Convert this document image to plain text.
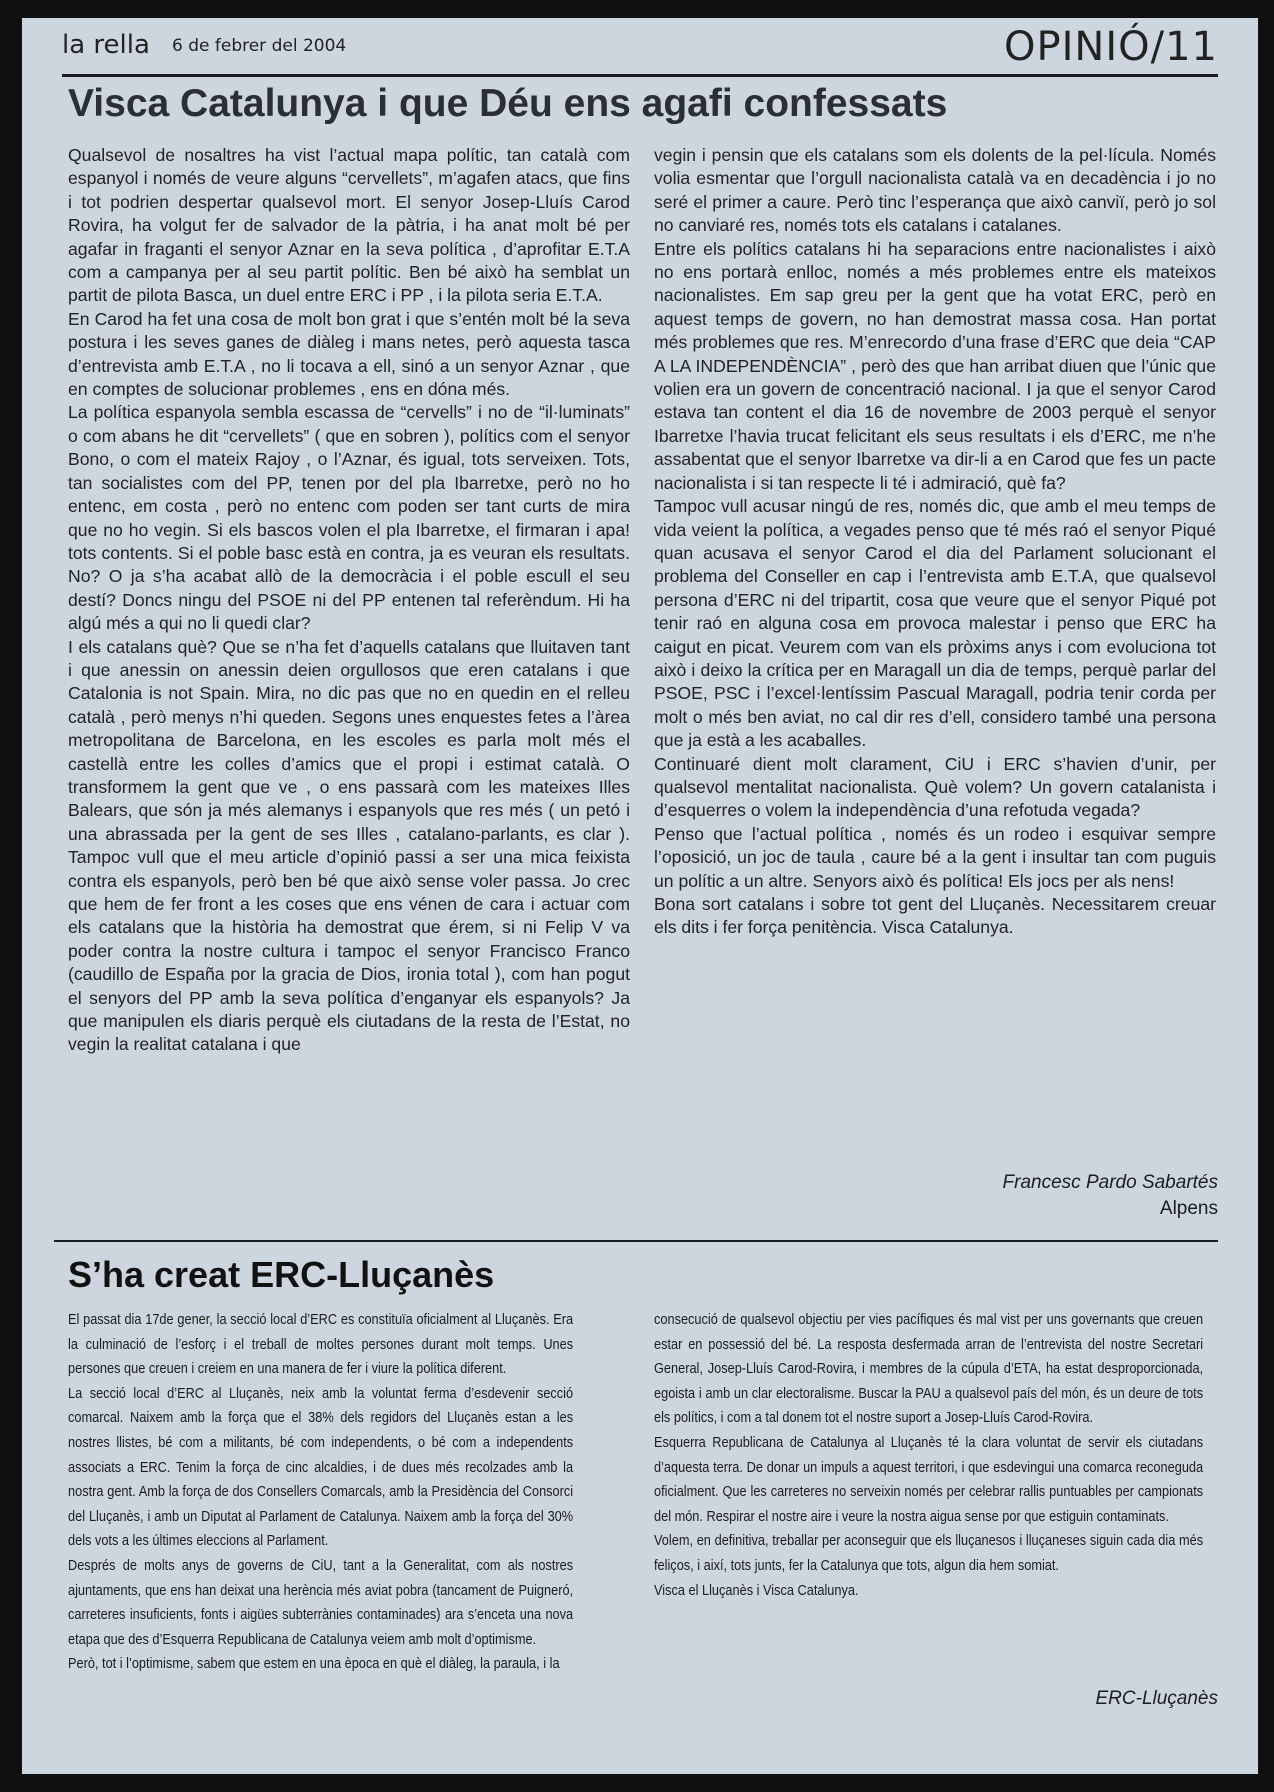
la rella 6 de febrer del 2004	OPINIÓ/11
Visca Catalunya i que Déu ens agafi confessats

Qualsevol de nosaltres ha vist l’actual mapa polític, tan català com espanyol i només de veure alguns “cervellets”, m’agafen atacs, que fins i tot podrien despertar qualsevol mort. El senyor Josep-Lluís Carod Rovira, ha volgut fer de salvador de la pàtria, i ha anat molt bé per agafar in fraganti el senyor Aznar en la seva política , d’aprofitar E.T.A com a campanya per al seu partit polític. Ben bé això ha semblat un partit de pilota Basca, un duel entre ERC i PP , i la pilota seria E.T.A.

En Carod ha fet una cosa de molt bon grat i que s’entén molt bé la seva postura i les seves ganes de diàleg i mans netes, però aquesta tasca d’entrevista amb E.T.A , no li tocava a ell, sinó a un senyor Aznar , que en comptes de solucionar problemes , ens en dóna més.

La política espanyola sembla escassa de “cervells” i no de “il·luminats” o com abans he dit “cervellets” ( que en sobren ), polítics com el senyor Bono, o com el mateix Rajoy , o l’Aznar, és igual, tots serveixen. Tots, tan socialistes com del PP, tenen por del pla Ibarretxe, però no ho entenc, em costa , però no entenc com poden ser tant curts de mira que no ho vegin. Si els bascos volen el pla Ibarretxe, el firmaran i apa! tots contents. Si el poble basc està en contra, ja es veuran els resultats. No? O ja s’ha acabat allò de la democràcia i el poble escull el seu destí? Doncs ningu del PSOE ni del PP entenen tal referèndum. Hi ha algú més a qui no li quedi clar?

I els catalans què? Que se n’ha fet d’aquells catalans que lluitaven tant i que anessin on anessin deien orgullosos que eren catalans i que Catalonia is not Spain. Mira, no dic pas que no en quedin en el relleu català , però menys n’hi queden. Segons unes enquestes fetes a l’àrea metropolitana de Barcelona, en les escoles es parla molt més el castellà entre les colles d’amics que el propi i estimat català. O transformem la gent que ve , o ens passarà com les mateixes Illes Balears, que són ja més alemanys i espanyols que res més ( un petó i una abrassada per la gent de ses Illes , catalano-parlants, es clar ). Tampoc vull que el meu article d’opinió passi a ser una mica feixista contra els espanyols, però ben bé que això sense voler passa. Jo crec que hem de fer front a les coses que ens vénen de cara i actuar com els catalans que la història ha demostrat que érem, si ni Felip V va poder contra la nostre cultura i tampoc el senyor Francisco Franco (caudillo de España por la gracia de Dios, ironia total ), com han pogut el senyors del PP amb la seva política d’enganyar els espanyols? Ja que manipulen els diaris perquè els ciutadans de la resta de l’Estat, no vegin la realitat catalana i que

vegin i pensin que els catalans som els dolents de la pel·lícula. Només volia esmentar que l’orgull nacionalista català va en decadència i jo no seré el primer a caure. Però tinc l’esperança que això canviï, però jo sol no canviaré res, només tots els catalans i catalanes.

Entre els polítics catalans hi ha separacions entre nacionalistes i això no ens portarà enlloc, només a més problemes entre els mateixos nacionalistes. Em sap greu per la gent que ha votat ERC, però en aquest temps de govern, no han demostrat massa cosa. Han portat més problemes que res. M’enrecordo d’una frase d’ERC que deia “CAP A LA INDEPENDÈNCIA” , però des que han arribat diuen que l’únic que volien era un govern de concentració nacional. I ja que el senyor Carod estava tan content el dia 16 de novembre de 2003 perquè el senyor Ibarretxe l’havia trucat felicitant els seus resultats i els d’ERC, me n’he assabentat que el senyor Ibarretxe va dir-li a en Carod que fes un pacte nacionalista i si tan respecte li té i admiració, què fa?

Tampoc vull acusar ningú de res, només dic, que amb el meu temps de vida veient la política, a vegades penso que té més raó el senyor Piqué quan acusava el senyor Carod el dia del Parlament solucionant el problema del Conseller en cap i l’entrevista amb E.T.A, que qualsevol persona d’ERC ni del tripartit, cosa que veure que el senyor Piqué pot tenir raó en alguna cosa em provoca malestar i penso que ERC ha caigut en picat. Veurem com van els pròxims anys i com evoluciona tot això i deixo la crítica per en Maragall un dia de temps, perquè parlar del PSOE, PSC i l’excel·lentíssim Pascual Maragall, podria tenir corda per molt o més ben aviat, no cal dir res d’ell, considero també una persona que ja està a les acaballes.

Continuaré dient molt clarament, CiU i ERC s’havien d’unir, per qualsevol mentalitat nacionalista. Què volem? Un govern catalanista i d’esquerres o volem la independència d’una refotuda vegada?

Penso que l’actual política , només és un rodeo i esquivar sempre l’oposició, un joc de taula , caure bé a la gent i insultar tan com puguis un polític a un altre. Senyors això és política! Els jocs per als nens!

Bona sort catalans i sobre tot gent del Lluçanès. Necessitarem creuar els dits i fer força penitència. Visca Catalunya.

Francesc Pardo Sabartés
Alpens
S’ha creat ERC-Lluçanès

El passat dia 17de gener, la secció local d’ERC es constituïa oficialment al Lluçanès. Era la culminació de l’esforç i el treball de moltes persones durant molt temps. Unes persones que creuen i creiem en una manera de fer i viure la política diferent.

La secció local d’ERC al Lluçanès, neix amb la voluntat ferma d’esdevenir secció comarcal. Naixem amb la força que el 38% dels regidors del Lluçanès estan a les nostres llistes, bé com a militants, bé com independents, o bé com a independents associats a ERC. Tenim la força de cinc alcaldies, i de dues més recolzades amb la nostra gent. Amb la força de dos Consellers Comarcals, amb la Presidència del Consorci del Lluçanès, i amb un Diputat al Parlament de Catalunya. Naixem amb la força del 30% dels vots a les últimes eleccions al Parlament.

Després de molts anys de governs de CiU, tant a la Generalitat, com als nostres ajuntaments, que ens han deixat una herència més aviat pobra (tancament de Puigneró, carreteres insuficients, fonts i aigües subterrànies contaminades) ara s’enceta una nova etapa que des d’Esquerra Republicana de Catalunya veiem amb molt d’optimisme.

Però, tot i l’optimisme, sabem que estem en una època en què el diàleg, la paraula, i la

consecució de qualsevol objectiu per vies pacífiques és mal vist per uns governants que creuen estar en possessió del bé. La resposta desfermada arran de l’entrevista del nostre Secretari General, Josep-Lluís Carod-Rovira, i membres de la cúpula d’ETA, ha estat desproporcionada, egoista i amb un clar electoralisme. Buscar la PAU a qualsevol país del món, és un deure de tots els polítics, i com a tal donem tot el nostre suport a Josep-Lluís Carod-Rovira.

Esquerra Republicana de Catalunya al Lluçanès té la clara voluntat de servir els ciutadans d’aquesta terra. De donar un impuls a aquest territori, i que esdevingui una comarca reconeguda oficialment. Que les carreteres no serveixin només per celebrar rallis puntuables per campionats del món. Respirar el nostre aire i veure la nostra aigua sense por que estiguin contaminats.

Volem, en definitiva, treballar per aconseguir que els lluçanesos i lluçaneses siguin cada dia més feliços, i així, tots junts, fer la Catalunya que tots, algun dia hem somiat.

Visca el Lluçanès i Visca Catalunya.

ERC-Lluçanès
